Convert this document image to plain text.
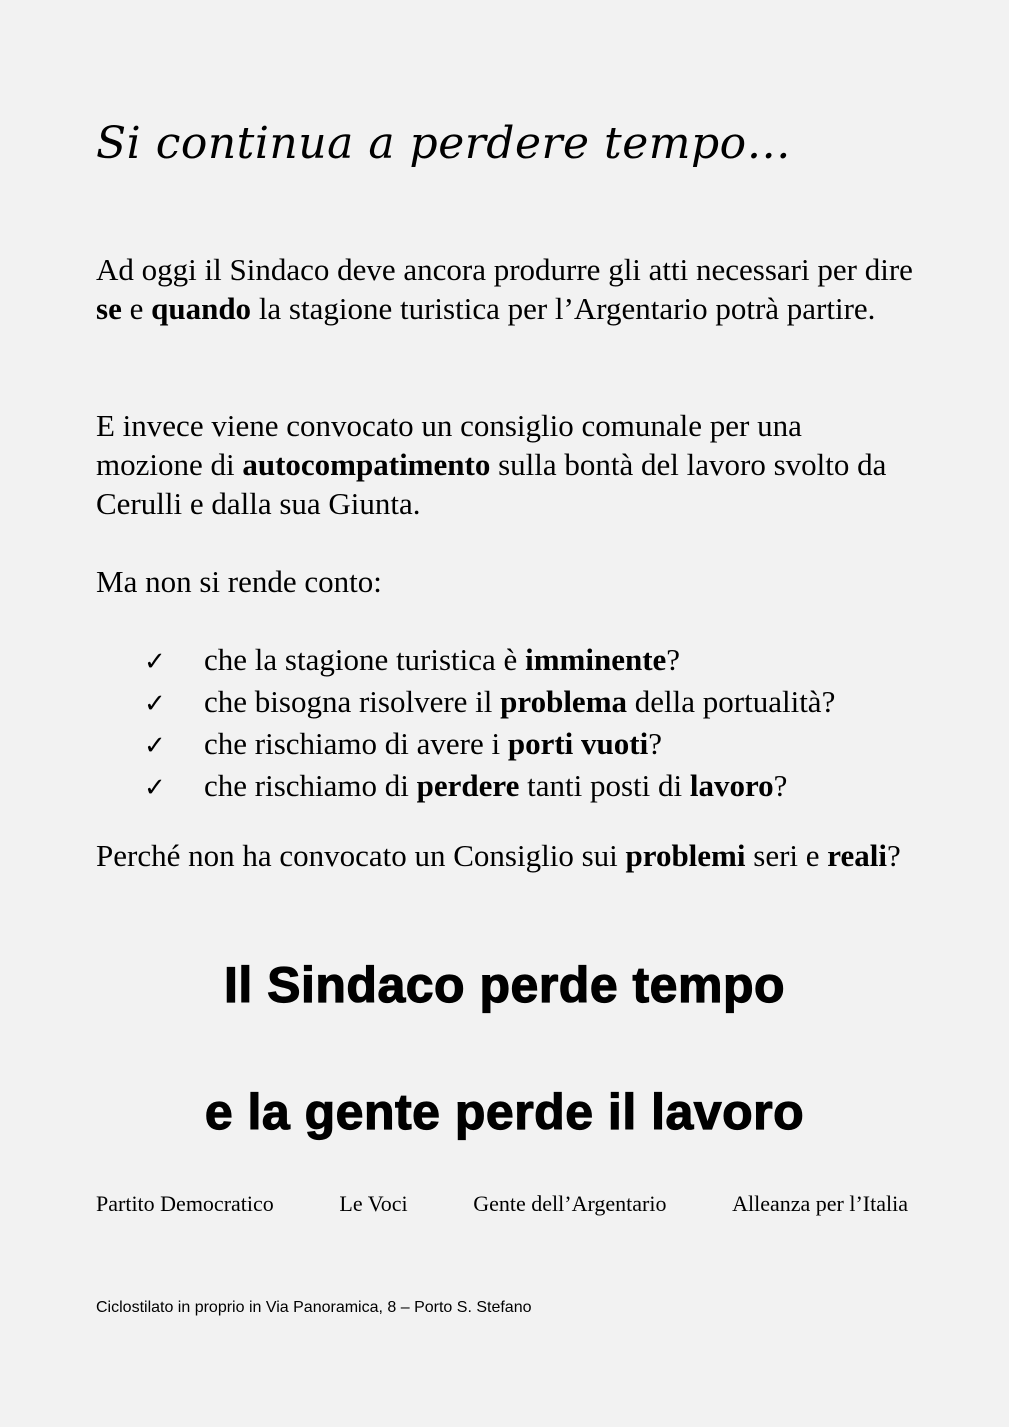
Si continua a perdere tempo…

Ad oggi il Sindaco deve ancora produrre gli atti necessari per dire se e quando la stagione turistica per l’Argentario potrà partire.

E invece viene convocato un consiglio comunale per una mozione di autocompatimento sulla bontà del lavoro svolto da Cerulli e dalla sua Giunta.

Ma non si rende conto:

✓	che la stagione turistica è imminente?
✓	che bisogna risolvere il problema della portualità?
✓	che rischiamo di avere i porti vuoti?
✓	che rischiamo di perdere tanti posti di lavoro?

Perché non ha convocato un Consiglio sui problemi seri e reali?

Il Sindaco perde tempo
e la gente perde il lavoro
Partito Democratico	Le Voci	Gente dell’Argentario	Alleanza per l’Italia

Ciclostilato in proprio in Via Panoramica, 8 – Porto S. Stefano
